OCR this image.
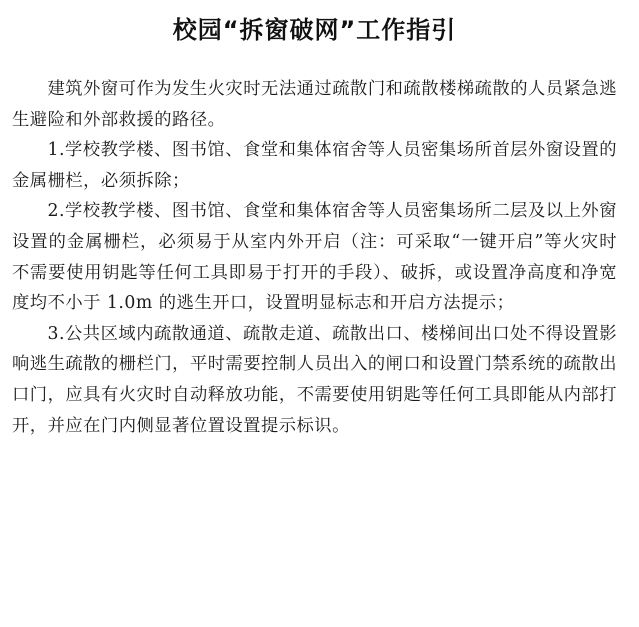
校园“拆窗破网”工作指引

建筑外窗可作为发生火灾时无法通过疏散门和疏散楼梯疏散的人员紧急逃生避险和外部救援的路径。

1.学校教学楼、图书馆、食堂和集体宿舍等人员密集场所首层外窗设置的金属栅栏，必须拆除；

2.学校教学楼、图书馆、食堂和集体宿舍等人员密集场所二层及以上外窗设置的金属栅栏，必须易于从室内外开启（注：可采取“一键开启”等火灾时不需要使用钥匙等任何工具即易于打开的手段）、破拆，或设置净高度和净宽度均不小于 1.0m 的逃生开口，设置明显标志和开启方法提示；

3.公共区域内疏散通道、疏散走道、疏散出口、楼梯间出口处不得设置影响逃生疏散的栅栏门，平时需要控制人员出入的闸口和设置门禁系统的疏散出口门，应具有火灾时自动释放功能，不需要使用钥匙等任何工具即能从内部打开，并应在门内侧显著位置设置提示标识。
